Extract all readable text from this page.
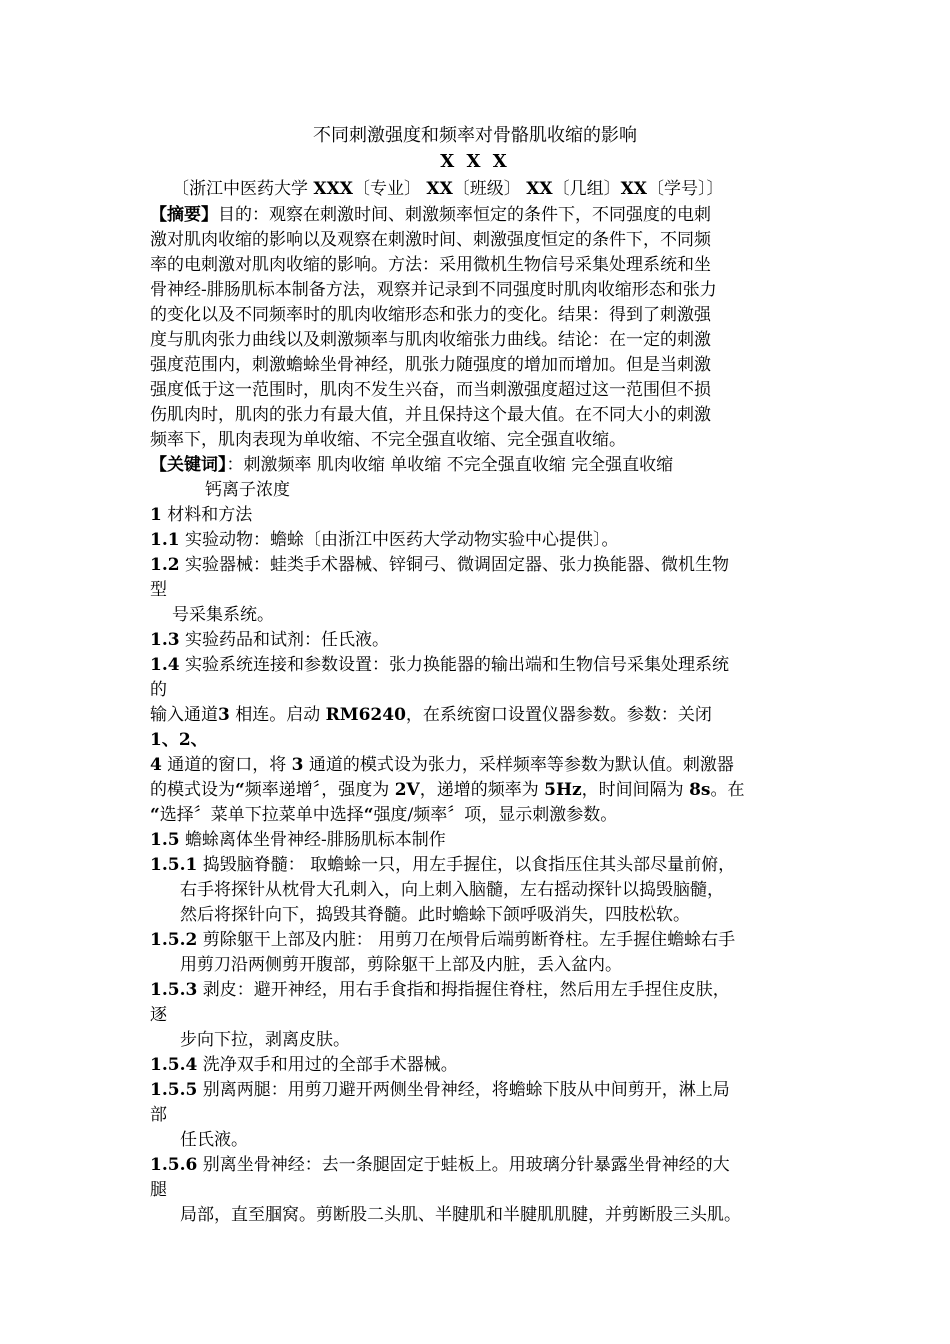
不同刺激强度和频率对骨骼肌收缩的影响
X X X
〔浙江中医药大学 XXX〔专业〕 XX〔班级〕 XX〔几组〕XX〔学号〕〕
【摘要】目的：观察在刺激时间、刺激频率恒定的条件下，不同强度的电刺
激对肌肉收缩的影响以及观察在刺激时间、刺激强度恒定的条件下，不同频
率的电刺激对肌肉收缩的影响。方法：采用微机生物信号采集处理系统和坐
骨神经-腓肠肌标本制备方法，观察并记录到不同强度时肌肉收缩形态和张力
的变化以及不同频率时的肌肉收缩形态和张力的变化。结果：得到了刺激强
度与肌肉张力曲线以及刺激频率与肌肉收缩张力曲线。结论：在一定的刺激
强度范围内，刺激蟾蜍坐骨神经，肌张力随强度的增加而增加。但是当刺激
强度低于这一范围时，肌肉不发生兴奋，而当刺激强度超过这一范围但不损
伤肌肉时，肌肉的张力有最大值，并且保持这个最大值。在不同大小的刺激
频率下，肌肉表现为单收缩、不完全强直收缩、完全强直收缩。
【关键词】：刺激频率 肌肉收缩 单收缩 不完全强直收缩 完全强直收缩
钙离子浓度
1 材料和方法
1.1 实验动物：蟾蜍〔由浙江中医药大学动物实验中心提供〕。
1.2 实验器械：蛙类手术器械、锌铜弓、微调固定器、张力换能器、微机生物
型
号采集系统。
1.3 实验药品和试剂：任氏液。
1.4 实验系统连接和参数设置：张力换能器的输出端和生物信号采集处理系统
的
输入通道3 相连。启动 RM6240，在系统窗口设置仪器参数。参数：关闭
1、2、
4 通道的窗口，将 3 通道的模式设为张力，采样频率等参数为默认值。刺激器
的模式设为“频率递增〞，强度为 2V，递增的频率为 5Hz，时间间隔为 8s。在
“选择〞菜单下拉菜单中选择“强度/频率〞项，显示刺激参数。
1.5 蟾蜍离体坐骨神经-腓肠肌标本制作
1.5.1 捣毁脑脊髓： 取蟾蜍一只，用左手握住，以食指压住其头部尽量前俯，
右手将探针从枕骨大孔刺入，向上刺入脑髓，左右摇动探针以捣毁脑髓，
然后将探针向下，捣毁其脊髓。此时蟾蜍下颌呼吸消失，四肢松软。
1.5.2 剪除躯干上部及内脏： 用剪刀在颅骨后端剪断脊柱。左手握住蟾蜍右手
用剪刀沿两侧剪开腹部，剪除躯干上部及内脏，丢入盆内。
1.5.3 剥皮：避开神经，用右手食指和拇指握住脊柱，然后用左手捏住皮肤，
逐
步向下拉，剥离皮肤。
1.5.4 洗净双手和用过的全部手术器械。
1.5.5 别离两腿：用剪刀避开两侧坐骨神经，将蟾蜍下肢从中间剪开，淋上局
部
任氏液。
1.5.6 别离坐骨神经：去一条腿固定于蛙板上。用玻璃分针暴露坐骨神经的大
腿
局部，直至腘窝。剪断股二头肌、半腱肌和半腱肌肌腱，并剪断股三头肌。
